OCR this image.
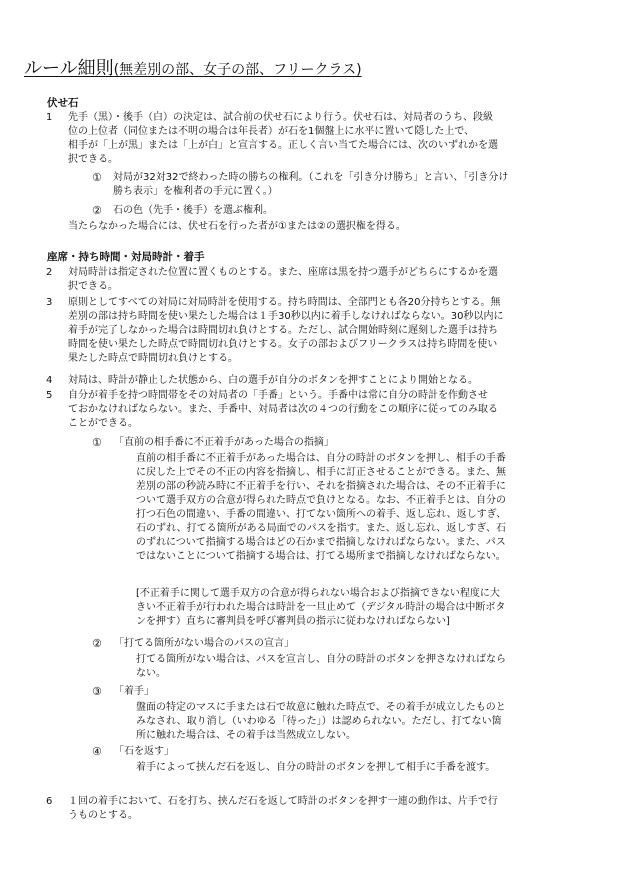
ルール細則(無差別の部、女子の部、フリークラス)
伏せ石
1 先手（黒）・後手（白）の決定は、試合前の伏せ石により行う。伏せ石は、対局者のうち、段級
位の上位者（同位または不明の場合は年長者）が石を1個盤上に水平に置いて隠した上で、
相手が「上が黒」または「上が白」と宣言する。正しく言い当てた場合には、次のいずれかを選
択できる。
① 対局が32対32で終わった時の勝ちの権利。（これを「引き分け勝ち」と言い、「引き分け
勝ち表示」を権利者の手元に置く。）
② 石の色（先手・後手）を選ぶ権利。
当たらなかった場合には、伏せ石を行った者が①または②の選択権を得る。
座席・持ち時間・対局時計・着手
2 対局時計は指定された位置に置くものとする。また、座席は黒を持つ選手がどちらにするかを選
択できる。
3 原則としてすべての対局に対局時計を使用する。持ち時間は、全部門とも各20分持ちとする。無
差別の部は持ち時間を使い果たした場合は１手30秒以内に着手しなければならない。30秒以内に
着手が完了しなかった場合は時間切れ負けとする。ただし、試合開始時刻に遅刻した選手は持ち
時間を使い果たした時点で時間切れ負けとする。女子の部およびフリークラスは持ち時間を使い
果たした時点で時間切れ負けとする。
4 対局は、時計が静止した状態から、白の選手が自分のボタンを押すことにより開始となる。
5 自分が着手を持つ時間帯をその対局者の「手番」という。手番中は常に自分の時計を作動させ
ておかなければならない。また、手番中、対局者は次の４つの行動をこの順序に従ってのみ取る
ことができる。
① 「直前の相手番に不正着手があった場合の指摘」
直前の相手番に不正着手があった場合は、自分の時計のボタンを押し、相手の手番
に戻した上でその不正の内容を指摘し、相手に訂正させることができる。また、無
差別の部の秒読み時に不正着手を行い、それを指摘された場合は、その不正着手に
ついて選手双方の合意が得られた時点で負けとなる。なお、不正着手とは、自分の
打つ石色の間違い、手番の間違い、打てない箇所への着手、返し忘れ、返しすぎ、
石のずれ、打てる箇所がある局面でのパスを指す。また、返し忘れ、返しすぎ、石
のずれについて指摘する場合はどの石かまで指摘しなければならない。また、パス
ではないことについて指摘する場合は、打てる場所まで指摘しなければならない。
[不正着手に関して選手双方の合意が得られない場合および指摘できない程度に大
きい不正着手が行われた場合は時計を一旦止めて（デジタル時計の場合は中断ボタ
ンを押す）直ちに審判員を呼び審判員の指示に従わなければならない]
② 「打てる箇所がない場合のパスの宣言」
打てる箇所がない場合は、パスを宣言し、自分の時計のボタンを押さなければなら
ない。
③ 「着手」
盤面の特定のマスに手または石で故意に触れた時点で、その着手が成立したものと
みなされ、取り消し（いわゆる「待った」）は認められない。ただし、打てない箇
所に触れた場合は、その着手は当然成立しない。
④ 「石を返す」
着手によって挟んだ石を返し、自分の時計のボタンを押して相手に手番を渡す。
6 １回の着手において、石を打ち、挟んだ石を返して時計のボタンを押す一連の動作は、片手で行
うものとする。
